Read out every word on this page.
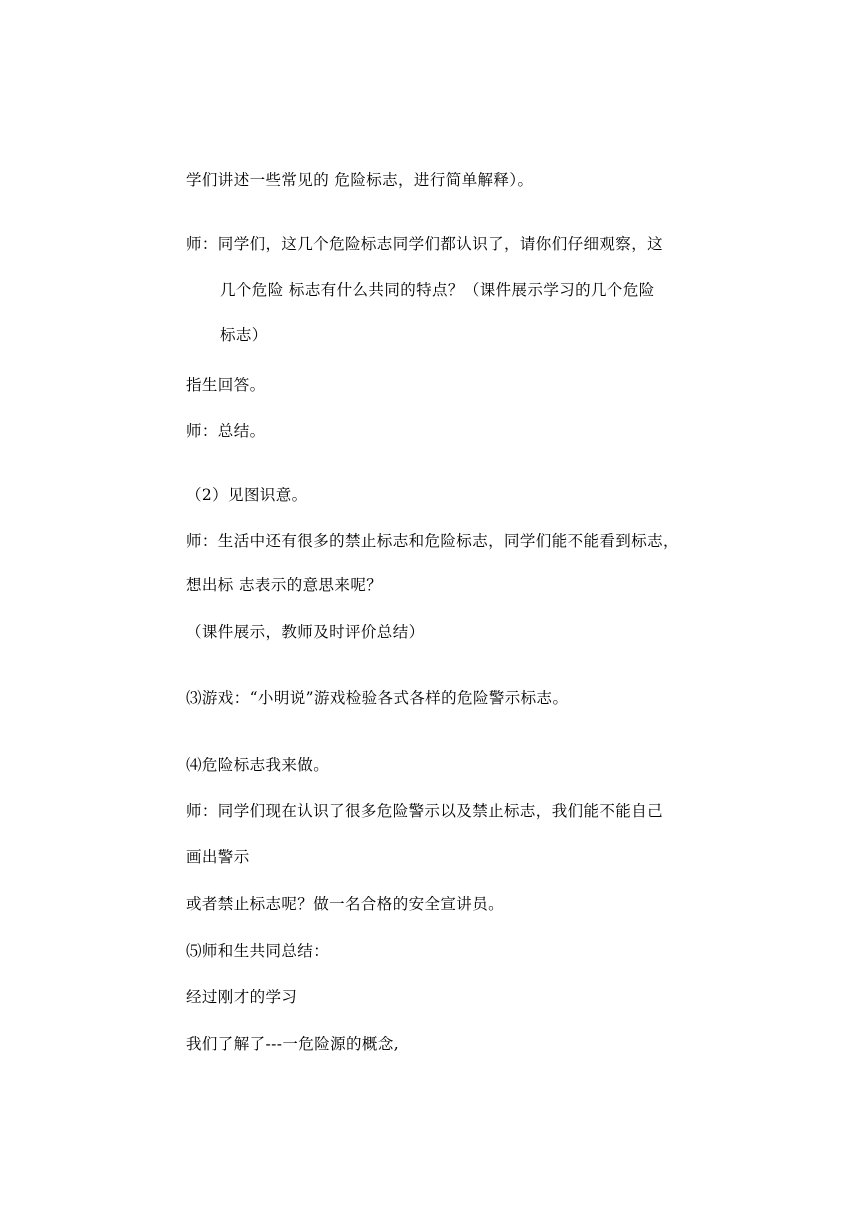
学们讲述一些常见的 危险标志，进行简单解释）。
师：同学们，这几个危险标志同学们都认识了，请你们仔细观察，这
几个危险 标志有什么共同的特点？（课件展示学习的几个危险
标志）
指生回答。
师：总结。
（2）见图识意。
师：生活中还有很多的禁止标志和危险标志，同学们能不能看到标志，
想出标 志表示的意思来呢？
（课件展示，教师及时评价总结）
⑶游戏：“小明说”游戏检验各式各样的危险警示标志。
⑷危险标志我来做。
师：同学们现在认识了很多危险警示以及禁止标志，我们能不能自己
画出警示
或者禁止标志呢？做一名合格的安全宣讲员。
⑸师和生共同总结：
经过刚才的学习
我们了解了---一危险源的概念,
